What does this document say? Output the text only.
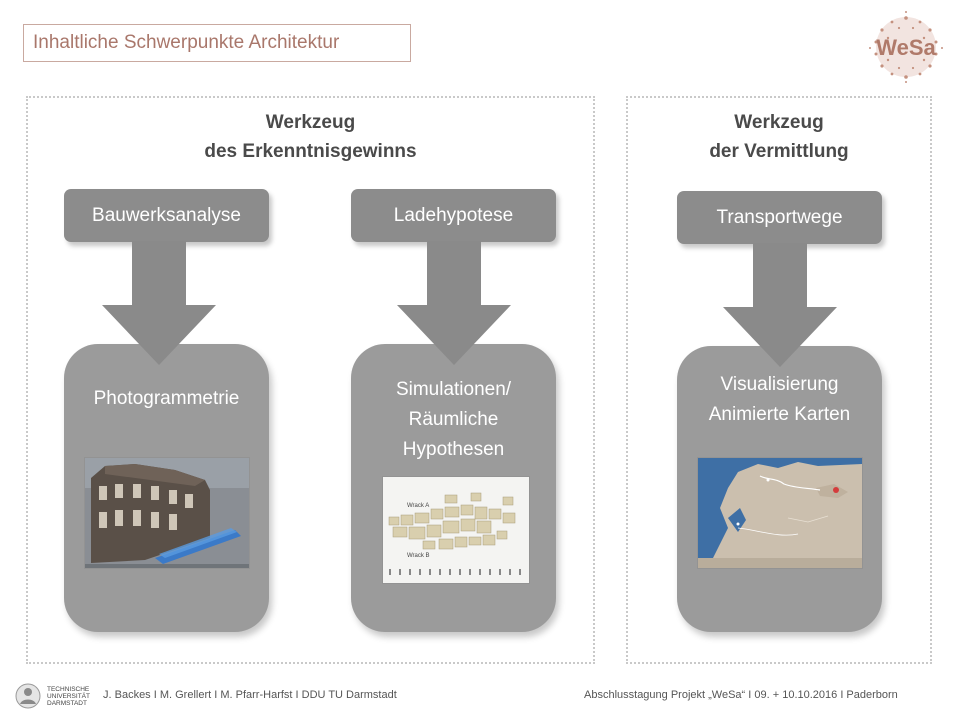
Inhaltliche Schwerpunkte Architektur	WeSa
Werkzeug
des Erkenntnisgewinns
Bauwerksanalyse
Photogrammetrie
Ladehypotese
Simulationen/
Räumliche
Hypothesen
Wrack A
Wrack B
Werkzeug
der Vermittlung
Transportwege
Visualisierung
Animierte Karten
TECHNISCHE
UNIVERSITÄT
DARMSTADT
J. Backes I M. Grellert I M. Pfarr-Harfst I DDU TU Darmstadt	Abschlusstagung Projekt „WeSa“ I 09. + 10.10.2016 I Paderborn
